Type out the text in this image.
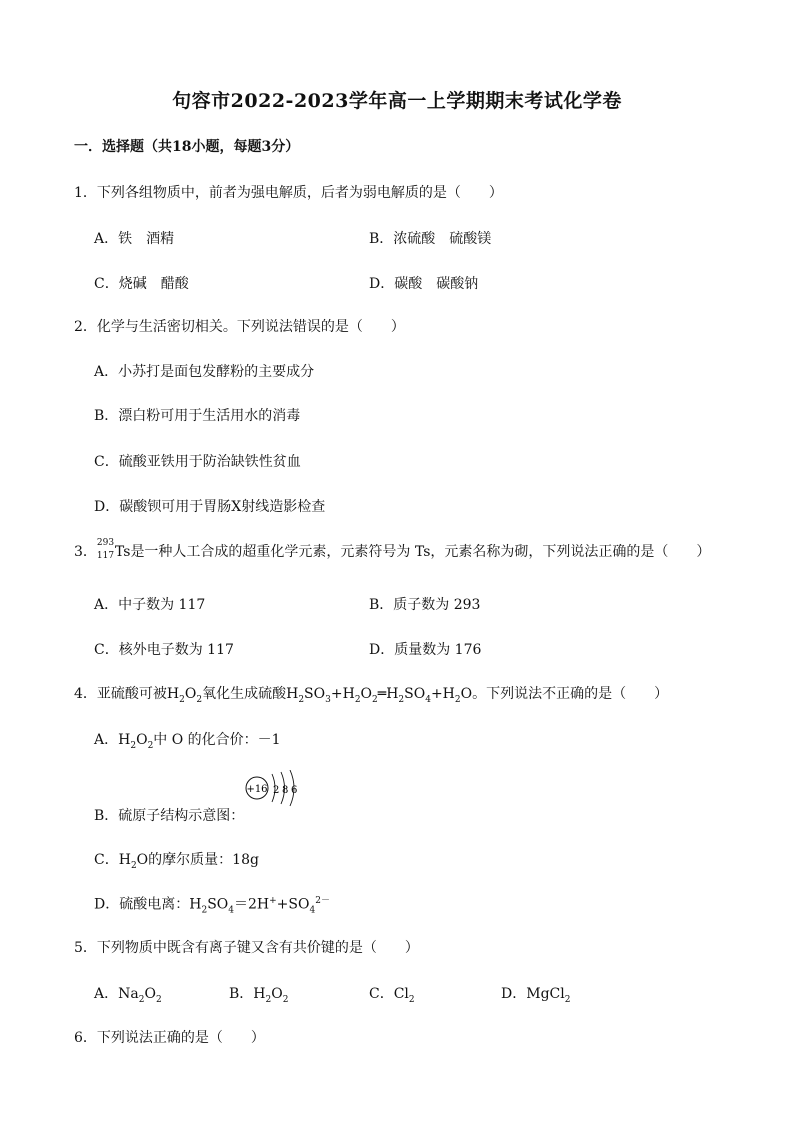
句容市2022-2023学年高一上学期期末考试化学卷
一．选择题（共18小题，每题3分）
1．下列各组物质中，前者为强电解质，后者为弱电解质的是（　　）
A．铁　酒精	B．浓硫酸　硫酸镁
C．烧碱　醋酸	D．碳酸　碳酸钠
2．化学与生活密切相关。下列说法错误的是（　　）
A．小苏打是面包发酵粉的主要成分
B．漂白粉可用于生活用水的消毒
C．硫酸亚铁用于防治缺铁性贫血
D．碳酸钡可用于胃肠X射线造影检查
3．
293
117 Ts是一种人工合成的超重化学元素，元素符号为 Ts，元素名称为砌，下列说法正确的是（　　）
A．中子数为 117	B．质子数为 293
C．核外电子数为 117	D．质量数为 176
4．亚硫酸可被$H_2O_2$氧化生成硫酸$H_2SO_3+H_2O_2═H_2SO_4+H_2O$。下列说法不正确的是（　　）
A．$H_2O_2$中 O 的化合价：－1
B．硫原子结构示意图：
+16 2 8 6
C．$H_2O$的摩尔质量：18g
D．硫酸电离：$H_2SO_4=2H^++SO_4^{2-}$
5．下列物质中既含有离子键又含有共价键的是（　　）
A．$Na_2O_2$	B．$H_2O_2$	C．$Cl_2$	D．MgCl$_2$
6．下列说法正确的是（　　）
